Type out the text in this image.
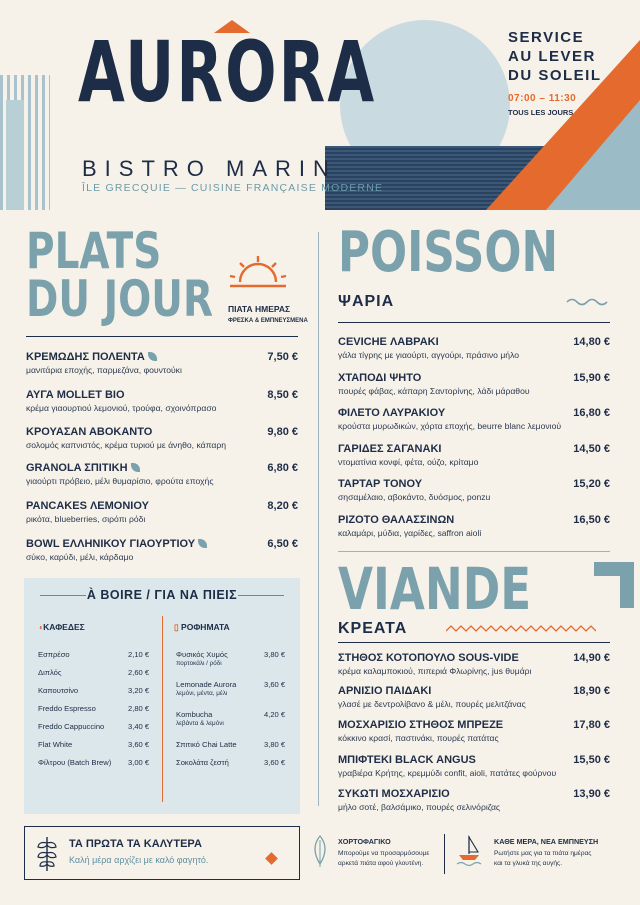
AURORA
BISTRO MARIN
ÎLE GRECQUIE — CUISINE FRANÇAISE MODERNE
SERVICE
AU LEVER
DU SOLEIL
07:00 – 11:30
TOUS LES JOURS
PLATS
DU JOUR ΠΙΑΤΑ ΗΜΕΡΑΣ
ΦΡΕΣΚΑ & ΕΜΠΝΕΥΣΜΕΝΑ
ΚΡΕΜΩΔΗΣ ΠΟΛΕΝΤΑ
μανιτάρια εποχής, παρμεζάνα, φουντούκι
7,50 €
ΑΥΓΑ MOLLET BIO
κρέμα γιαουρτιού λεμονιού, τρούφα, σχοινόπρασο
8,50 €
ΚΡΟΥΑΣΑΝ ΑΒΟΚΑΝΤΟ
σολομός καπνιστός, κρέμα τυριού με άνηθο, κάπαρη
9,80 €
GRANOLA ΣΠΙΤΙΚΗ
γιαούρτι πρόβειο, μέλι θυμαρίσιο, φρούτα εποχής
6,80 €
PANCAKES ΛΕΜΟΝΙΟΥ
ρικότα, blueberries, σιρόπι ρόδι
8,20 €
BOWL ΕΛΛΗΝΙΚΟΥ ΓΙΑΟΥΡΤΙΟΥ
σύκο, καρύδι, μέλι, κάρδαμο
6,50 €
À BOIRE / ΓΙΑ ΝΑ ΠΙΕΙΣ
◖ΚΑΦΕΔΕΣ	▯ ΡΟΦΗΜΑΤΑ
Εσπρέσο	2,10 €
Διπλός	2,60 €
Καπουτσίνο	3,20 €
Freddo Espresso	2,80 €
Freddo Cappuccino	3,40 €
Flat White	3,60 €
Φίλτρου (Batch Brew) 3,00 €
Φυσικός Χυμός
πορτοκάλι / ρόδι
3,80 €
Lemonade Aurora
λεμόνι, μέντα, μέλι
3,60 €
Kombucha
λεβάντα & λεμόνι
4,20 €
Σπιτικό Chai Latte	3,80 €
Σοκολάτα ζεστή	3,60 €
POISSON
ΨΑΡΙΑ
CEVICHE ΛΑΒΡΑΚΙ
γάλα τίγρης με γιαούρτι, αγγούρι, πράσινο μήλο
14,80 €
ΧΤΑΠΟΔΙ ΨΗΤΟ
πουρές φάβας, κάπαρη Σαντορίνης, λάδι μάραθου
15,90 €
ΦΙΛΕΤΟ ΛΑΥΡΑΚΙΟΥ
κρούστα μυρωδικών, χόρτα εποχής, beurre blanc λεμονιού
16,80 €
ΓΑΡΙΔΕΣ ΣΑΓΑΝΑΚΙ
ντοματίνια κονφί, φέτα, ούζο, κρίταμο
14,50 €
ΤΑΡΤΑΡ ΤΟΝΟΥ
σησαμέλαιο, αβοκάντο, δυόσμος, ponzu
15,20 €
ΡΙΖΟΤΟ ΘΑΛΑΣΣΙΝΩΝ
καλαμάρι, μύδια, γαρίδες, saffron aioli
16,50 €
VIANDE
ΚΡΕΑΤΑ
ΣΤΗΘΟΣ ΚΟΤΟΠΟΥΛΟ SOUS-VIDE
κρέμα καλαμποκιού, πιπεριά Φλωρίνης, jus θυμάρι
14,90 €
ΑΡΝΙΣΙΟ ΠΑΙΔΑΚΙ
γλασέ με δεντρολίβανο & μέλι, πουρές μελιτζάνας
18,90 €
ΜΟΣΧΑΡΙΣΙΟ ΣΤΗΘΟΣ ΜΠΡΕΖΕ
κόκκινο κρασί, παστινάκι, πουρές πατάτας
17,80 €
ΜΠΙΦΤΕΚΙ BLACK ANGUS
γραβιέρα Κρήτης, κρεμμύδι confit, aioli, πατάτες φούρνου
15,50 €
ΣΥΚΩΤΙ ΜΟΣΧΑΡΙΣΙΟ
μήλο σοτέ, βαλσάμικο, πουρές σελινόριζας
13,90 €
ΤΑ ΠΡΩΤΑ ΤΑ ΚΑΛΥΤΕΡΑ
Καλή μέρα αρχίζει με καλό φαγητό.
ΧΟΡΤΟΦΑΓΙΚΟ
Μπορούμε να προσαρμόσουμε
αρκετά πιάτα αφού γλουτένη.
ΚΑΘΕ ΜΕΡΑ, ΝΕΑ ΕΜΠΝΕΥΣΗ
Ρωτήστε μας για τα πιάτα ημέρας
και τα γλυκά της αυγής.
